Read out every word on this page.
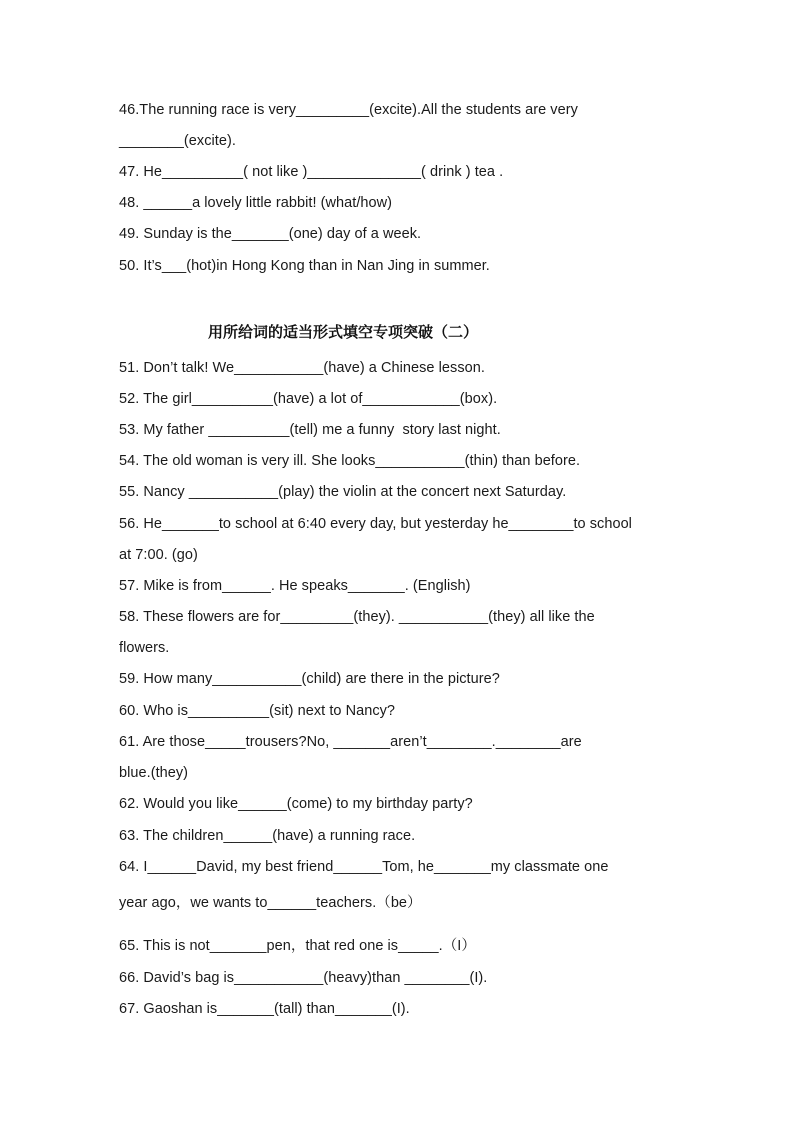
46.The running race is very_________(excite).All the students are very
________(excite).
47. He__________( not like )______________( drink ) tea .
48. ______a lovely little rabbit! (what/how)
49. Sunday is the_______(one) day of a week.
50. It’s___(hot)in Hong Kong than in Nan Jing in summer.
用所给词的适当形式填空专项突破（二）
51. Don’t talk! We___________(have) a Chinese lesson.
52. The girl__________(have) a lot of____________(box).
53. My father __________(tell) me a funny  story last night.
54. The old woman is very ill. She looks___________(thin) than before.
55. Nancy ___________(play) the violin at the concert next Saturday.
56. He_______to school at 6:40 every day, but yesterday he________to school
at 7:00. (go)
57. Mike is from______. He speaks_______. (English)
58. These flowers are for_________(they). ___________(they) all like the
flowers.
59. How many___________(child) are there in the picture?
60. Who is__________(sit) next to Nancy?
61. Are those_____trousers?No, _______aren’t________.________are
blue.(they)
62. Would you like______(come) to my birthday party?
63. The children______(have) a running race.
64. I______David, my best friend______Tom, he_______my classmate one
year ago，we wants to______teachers.（be）
65. This is not_______pen，that red one is_____.（I）
66. David’s bag is___________(heavy)than ________(I).
67. Gaoshan is_______(tall) than_______(I).
